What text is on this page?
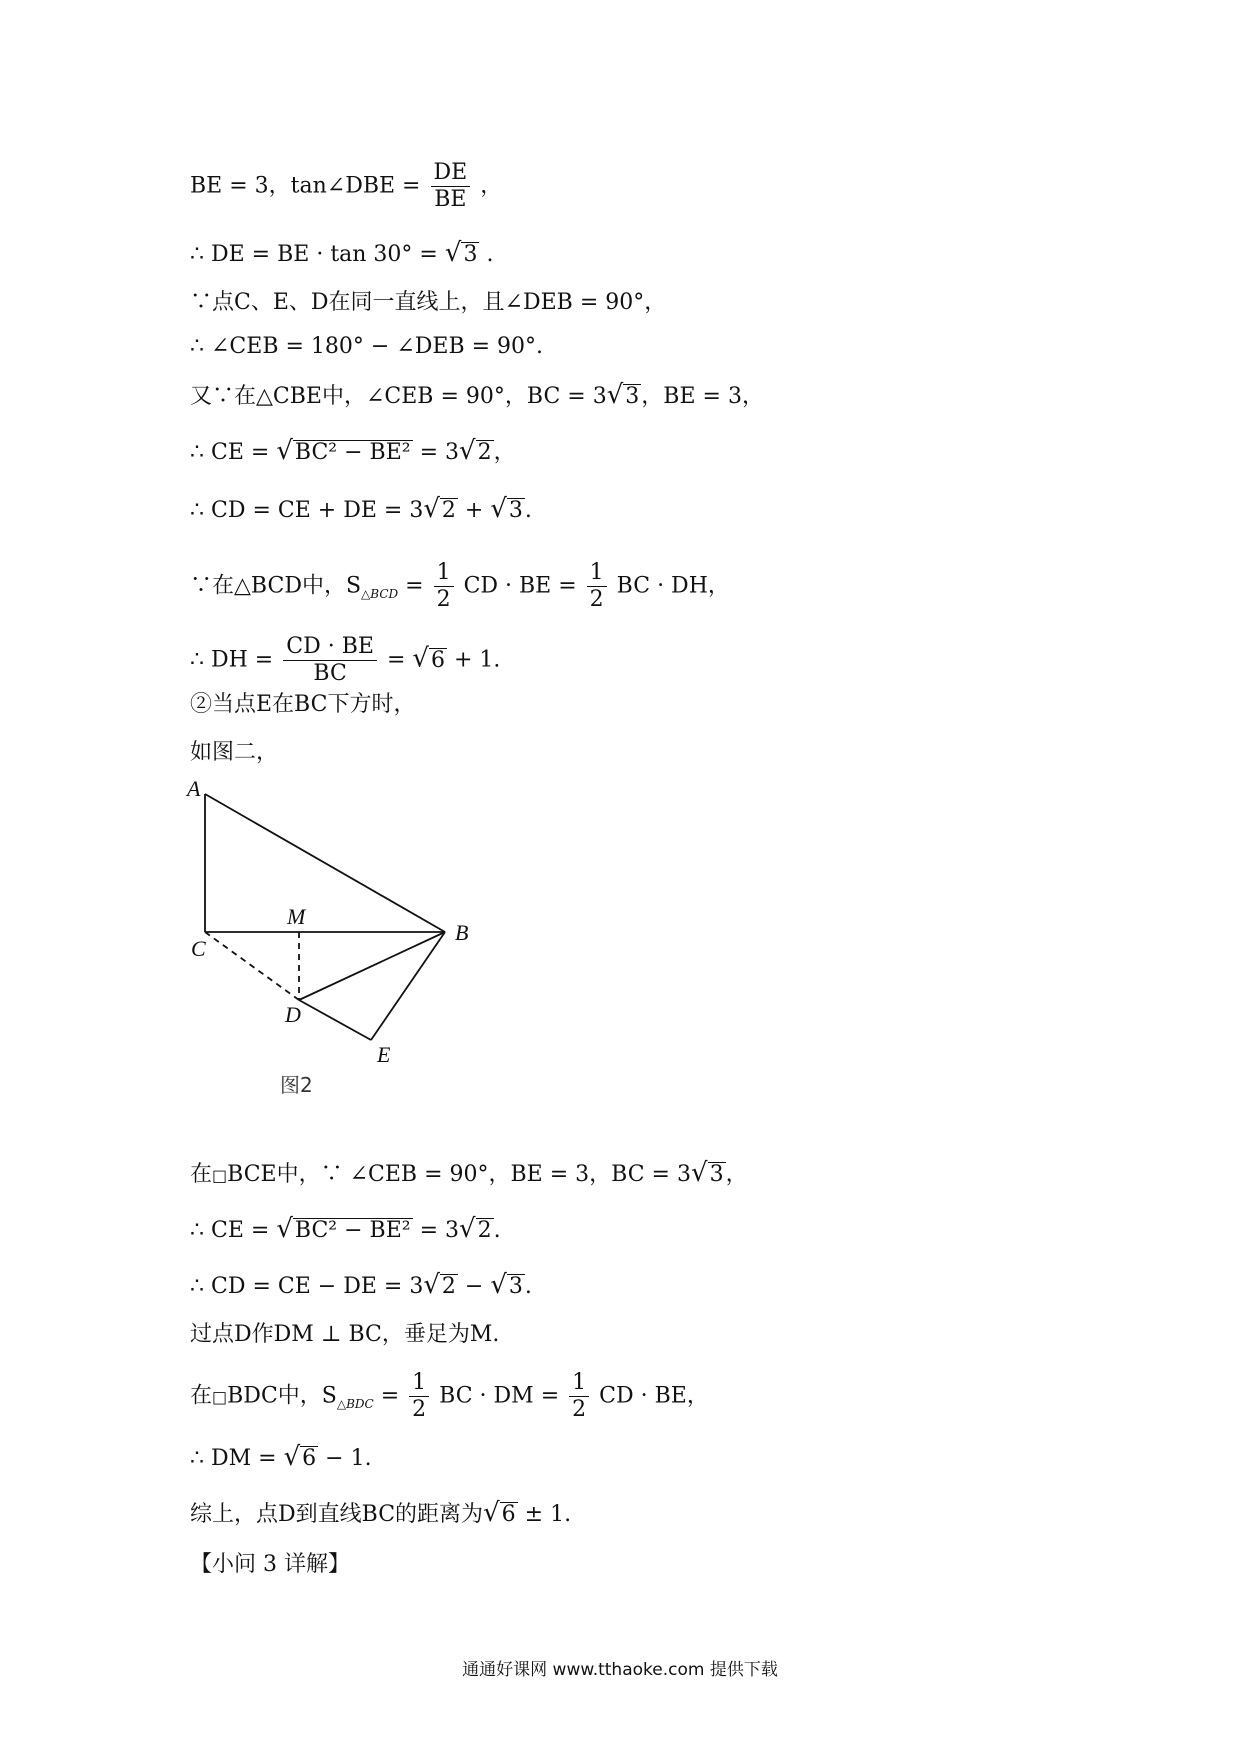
BE = 3，tan∠DBE = $\frac{DE}{BE}$ ，
∴ DE = BE · tan 30° = √3 .
∵点C、E、D在同一直线上，且∠DEB = 90°，
∴ ∠CEB = 180° − ∠DEB = 90°.
又∵在△CBE中，∠CEB = 90°，BC = 3√3，BE = 3，
∴ CE = √BC² − BE² = 3√2，
∴ CD = CE + DE = 3√2 + √3.
∵在△BCD中，$S_{\triangle BCD} = \frac{1}{2}$ CD · BE = $\frac{1}{2}$ BC · DH，
∴ DH = $\frac{CD \cdot BE}{BC} = √6 + 1$.
②当点E在BC下方时，
如图二，
A
B
C
M
D
E
图2
在□BCE中，∵ ∠CEB = 90°，BE = 3，BC = 3√3，
∴ CE = √BC² − BE² = 3√2.
∴ CD = CE − DE = 3√2 − √3.
过点D作DM ⊥ BC，垂足为M.
在□BDC中，$S_{\triangle BDC} = \frac{1}{2}$ BC · DM = $\frac{1}{2}$ CD · BE，
∴ DM = √6 − 1.
综上，点D到直线BC的距离为√6 ± 1.
【小问 3 详解】
通通好课网 www.tthaoke.com 提供下载
